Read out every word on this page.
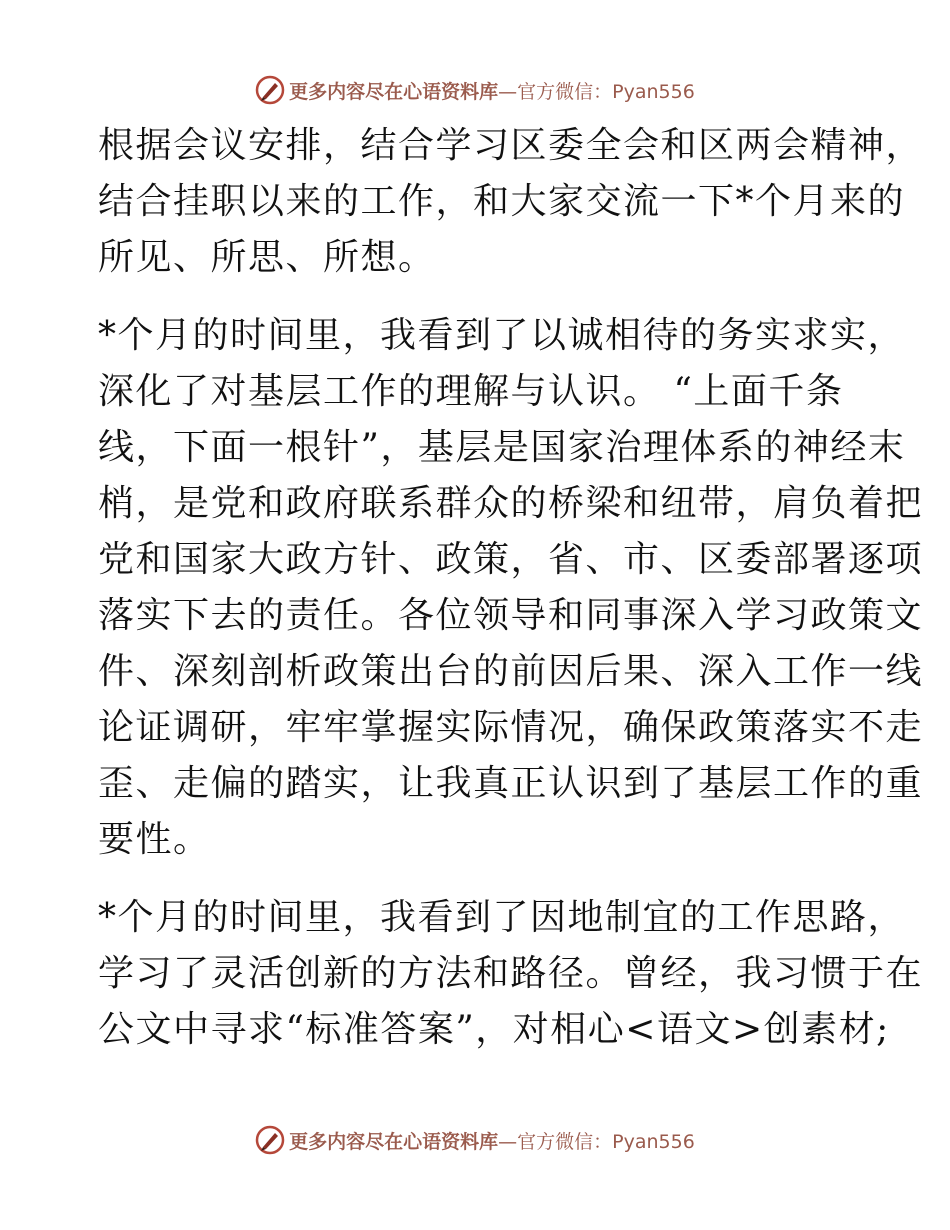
更多内容尽在心语资料库 —官方微信：Pyan556
根据会议安排，结合学习区委全会和区两会精神，
结合挂职以来的工作，和大家交流一下*个月来的
所见、所思、所想。
*个月的时间里，我看到了以诚相待的务实求实，
深化了对基层工作的理解与认识。 “上面千条
线，下面一根针”，基层是国家治理体系的神经末
梢，是党和政府联系群众的桥梁和纽带，肩负着把
党和国家大政方针、政策，省、市、区委部署逐项
落实下去的责任。各位领导和同事深入学习政策文
件、深刻剖析政策出台的前因后果、深入工作一线
论证调研，牢牢掌握实际情况，确保政策落实不走
歪、走偏的踏实，让我真正认识到了基层工作的重
要性。
*个月的时间里，我看到了因地制宜的工作思路，
学习了灵活创新的方法和路径。曾经，我习惯于在
公文中寻求“标准答案”，对相心<语文>创素材;
更多内容尽在心语资料库 —官方微信：Pyan556
